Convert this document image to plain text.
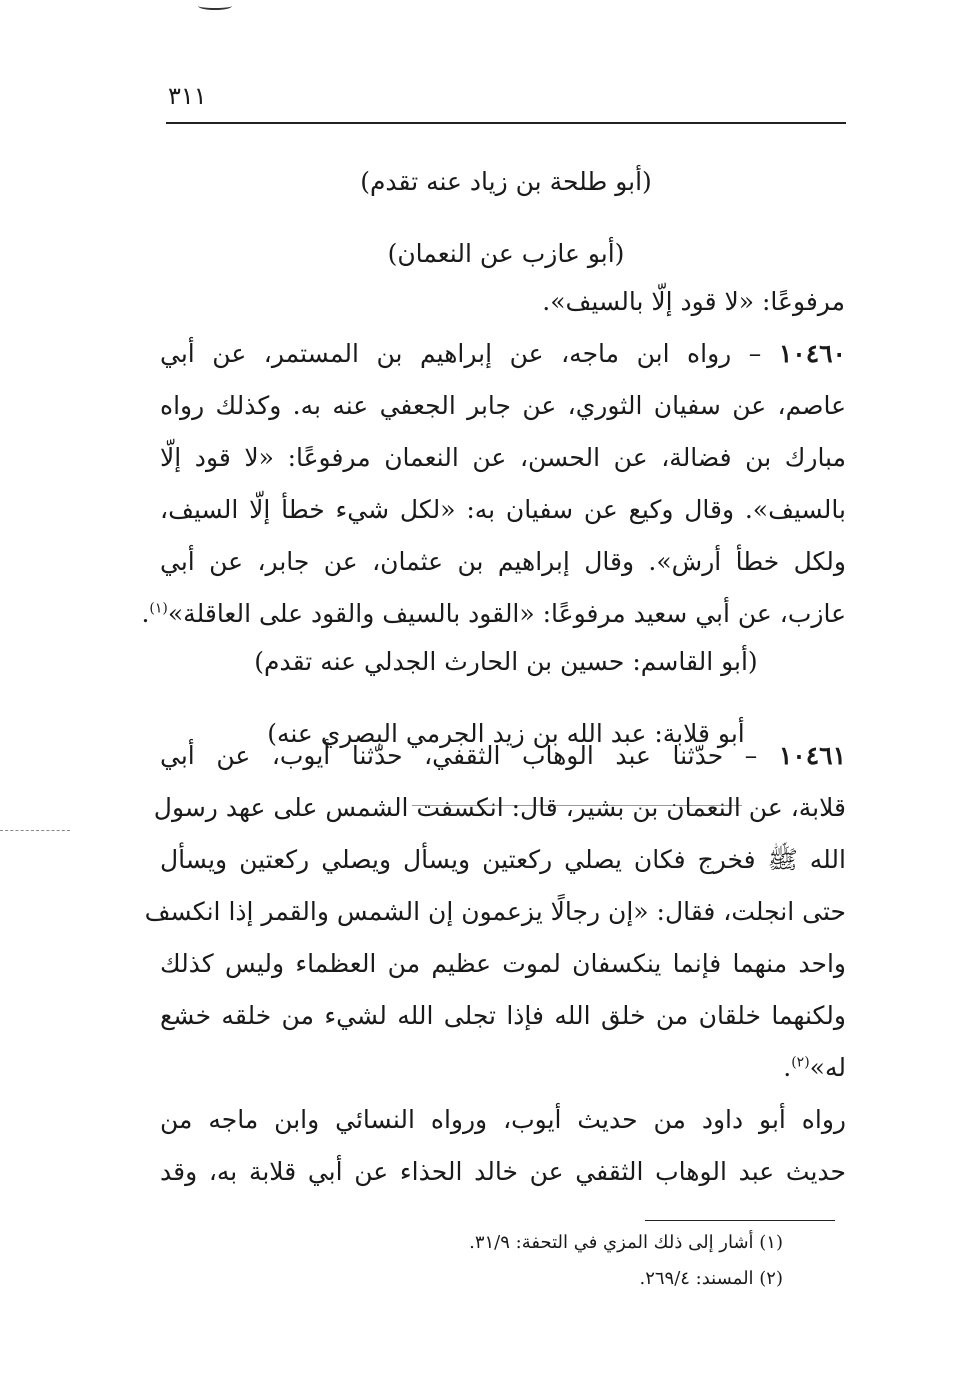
٣١١
(أبو طلحة بن زياد عنه تقدم)
(أبو عازب عن النعمان)
مرفوعًا: «لا قود إلّا بالسيف».
١٠٤٦٠ – رواه ابن ماجه، عن إبراهيم بن المستمر، عن أبي
عاصم، عن سفيان الثوري، عن جابر الجعفي عنه به. وكذلك رواه
مبارك بن فضالة، عن الحسن، عن النعمان مرفوعًا: «لا قود إلّا
بالسيف». وقال وكيع عن سفيان به: «لكل شيء خطأ إلّا السيف،
ولكل خطأ أرش». وقال إبراهيم بن عثمان، عن جابر، عن أبي
عازب، عن أبي سعيد مرفوعًا: «القود بالسيف والقود على العاقلة»$^{(١)}$.
(أبو القاسم: حسين بن الحارث الجدلي عنه تقدم)
أبو قلابة: عبد الله بن زيد الجرمي البصري عنه)
١٠٤٦١ – حدّثنا عبد الوهاب الثقفي، حدّثنا أيوب، عن أبي
قلابة، عن النعمان بن بشير، قال: انكسفت الشمس على عهد رسول
الله ﷺ فخرج فكان يصلي ركعتين ويسأل ويصلي ركعتين ويسأل
حتى انجلت، فقال: «إن رجالًا يزعمون إن الشمس والقمر إذا انكسف
واحد منهما فإنما ينكسفان لموت عظيم من العظماء وليس كذلك
ولكنهما خلقان من خلق الله فإذا تجلى الله لشيء من خلقه خشع
له»$^{(٢)}$.
رواه أبو داود من حديث أيوب، ورواه النسائي وابن ماجه من
حديث عبد الوهاب الثقفي عن خالد الحذاء عن أبي قلابة به، وقد
(١) أشار إلى ذلك المزي في التحفة: ٣١/٩.
(٢) المسند: ٢٦٩/٤.
